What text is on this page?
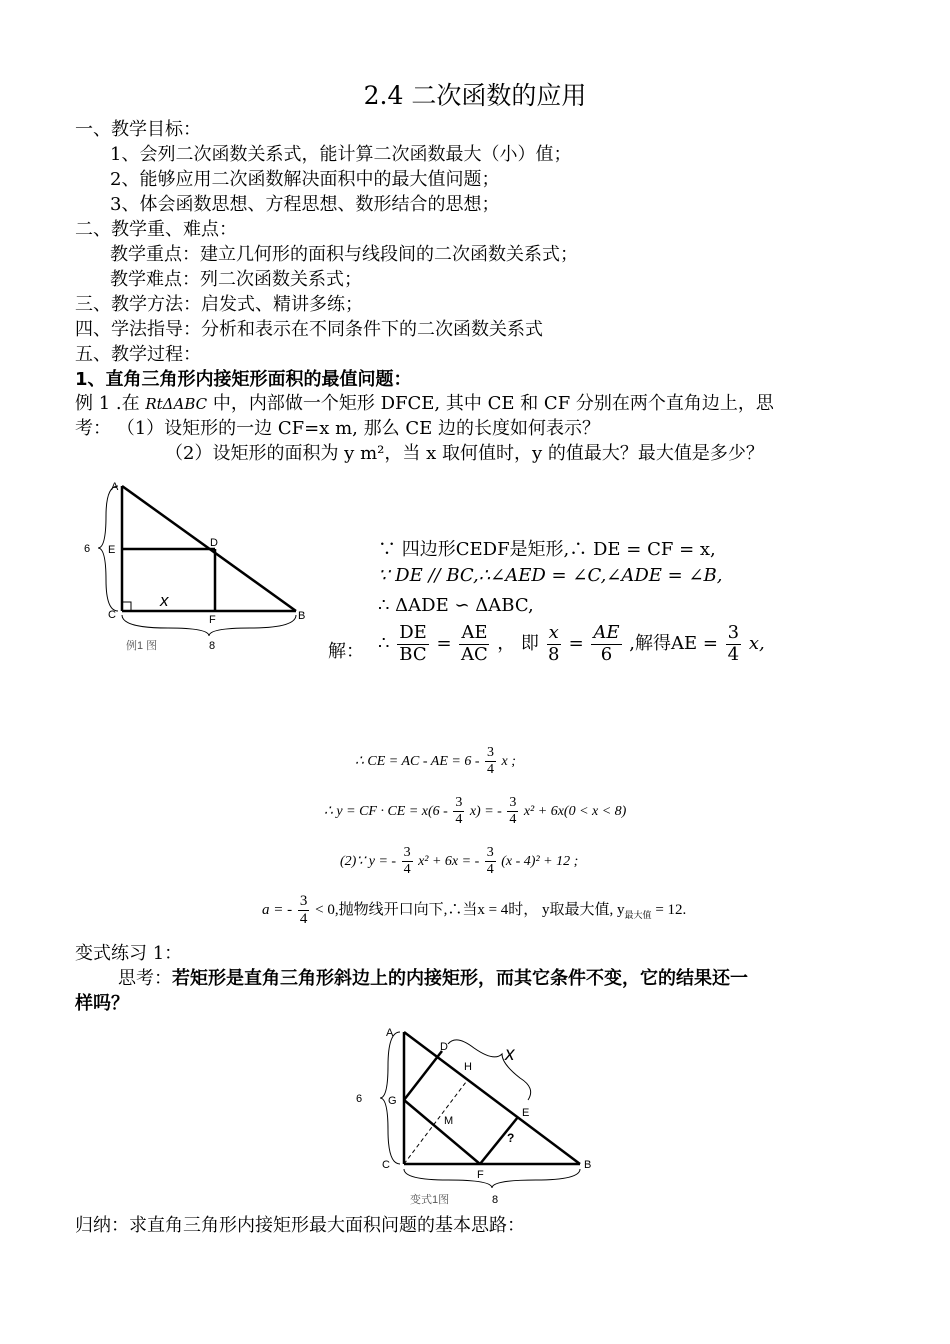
2.4 二次函数的应用
一、教学目标：
1、会列二次函数关系式，能计算二次函数最大（小）值；
2、能够应用二次函数解决面积中的最大值问题；
3、体会函数思想、方程思想、数形结合的思想；
二、教学重、难点：
教学重点：建立几何形的面积与线段间的二次函数关系式；
教学难点：列二次函数关系式；
三、教学方法：启发式、精讲多练；
四、学法指导：分析和表示在不同条件下的二次函数关系式
五、教学过程：
1、直角三角形内接矩形面积的最值问题：
例 1 .在 RtΔABC 中，内部做一个矩形 DFCE, 其中 CE 和 CF 分别在两个直角边上，思
考： （1）设矩形的一边 CF=x m, 那么 CE 边的长度如何表示？
（2）设矩形的面积为 y m²，当 x 取何值时，y 的值最大？最大值是多少？
A
E
C
D
F	B
x
6
8
例1 图
∵ 四边形CEDF是矩形,∴ DE = CF = x,
∵ DE // BC,∴∠AED = ∠C,∠ADE = ∠B,
∴ ΔADE ∽ ΔABC,
解： ∴ $\frac{DE}{BC} = \frac{AE}{AC}$ ， 即 $\frac{x}{8} = \frac{AE}{6}$ ,解得AE = $\frac{3}{4} x$,
∴ CE = AC - AE = $6 - \frac{3}{4}$ x ;
∴ y = CF · CE = $x(6 - \frac{3}{4} x)$ = - $\frac{3}{4} x^2 + 6x(0 < x < 8)$
(2)∵ y = - $\frac{3}{4} x^2 + 6x$ = - $\frac{3}{4} (x - 4)^2 + 12$ ;
a = - $\frac{3}{4} < 0$,抛物线开口向下,∴当x = 4时， y取最大值, $y_{最大值} = 12$.
变式练习 1：
思考：若矩形是直角三角形斜边上的内接矩形，而其它条件不变，它的结果还一
样吗？
A
G
C
D
H
M
E
F
B
?
x
6
8
变式1图
归纳：求直角三角形内接矩形最大面积问题的基本思路：
